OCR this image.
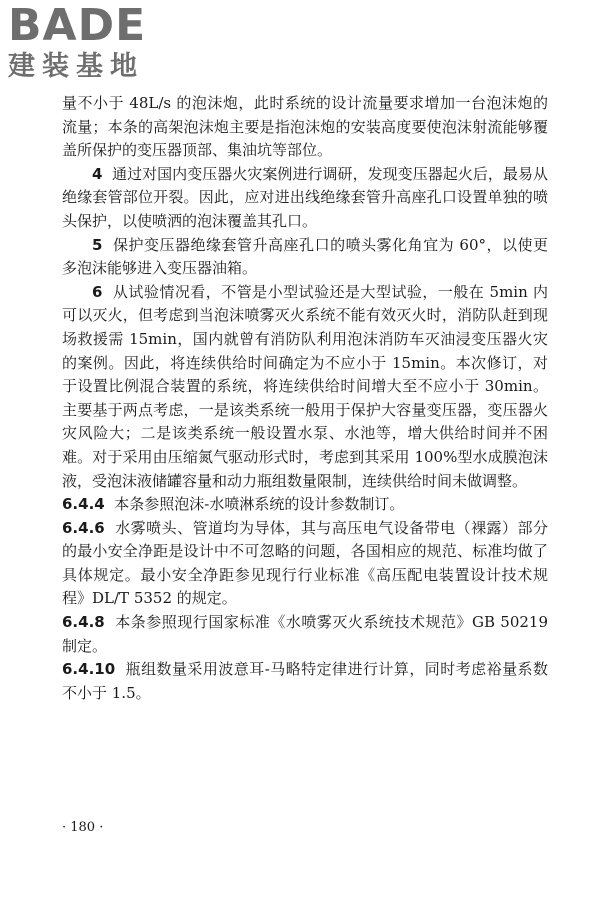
BADE
建装基地

量不小于 48L/s 的泡沫炮，此时系统的设计流量要求增加一台泡沫炮的流量；本条的高架泡沫炮主要是指泡沫炮的安装高度要使泡沫射流能够覆盖所保护的变压器顶部、集油坑等部位。

4 通过对国内变压器火灾案例进行调研，发现变压器起火后，最易从绝缘套管部位开裂。因此，应对进出线绝缘套管升高座孔口设置单独的喷头保护，以使喷洒的泡沫覆盖其孔口。

5 保护变压器绝缘套管升高座孔口的喷头雾化角宜为 60°，以使更多泡沫能够进入变压器油箱。

6 从试验情况看，不管是小型试验还是大型试验，一般在 5min 内可以灭火，但考虑到当泡沫喷雾灭火系统不能有效灭火时，消防队赶到现场救援需 15min，国内就曾有消防队利用泡沫消防车灭油浸变压器火灾的案例。因此，将连续供给时间确定为不应小于 15min。本次修订，对于设置比例混合装置的系统，将连续供给时间增大至不应小于 30min。主要基于两点考虑，一是该类系统一般用于保护大容量变压器，变压器火灾风险大；二是该类系统一般设置水泵、水池等，增大供给时间并不困难。对于采用由压缩氮气驱动形式时，考虑到其采用 100%型水成膜泡沫液，受泡沫液储罐容量和动力瓶组数量限制，连续供给时间未做调整。

6.4.4 本条参照泡沫-水喷淋系统的设计参数制订。

6.4.6 水雾喷头、管道均为导体，其与高压电气设备带电（裸露）部分的最小安全净距是设计中不可忽略的问题，各国相应的规范、标准均做了具体规定。最小安全净距参见现行行业标准《高压配电装置设计技术规程》DL/T 5352 的规定。

6.4.8 本条参照现行国家标准《水喷雾灭火系统技术规范》GB 50219 制定。

6.4.10 瓶组数量采用波意耳-马略特定律进行计算，同时考虑裕量系数不小于 1.5。

· 180 ·
